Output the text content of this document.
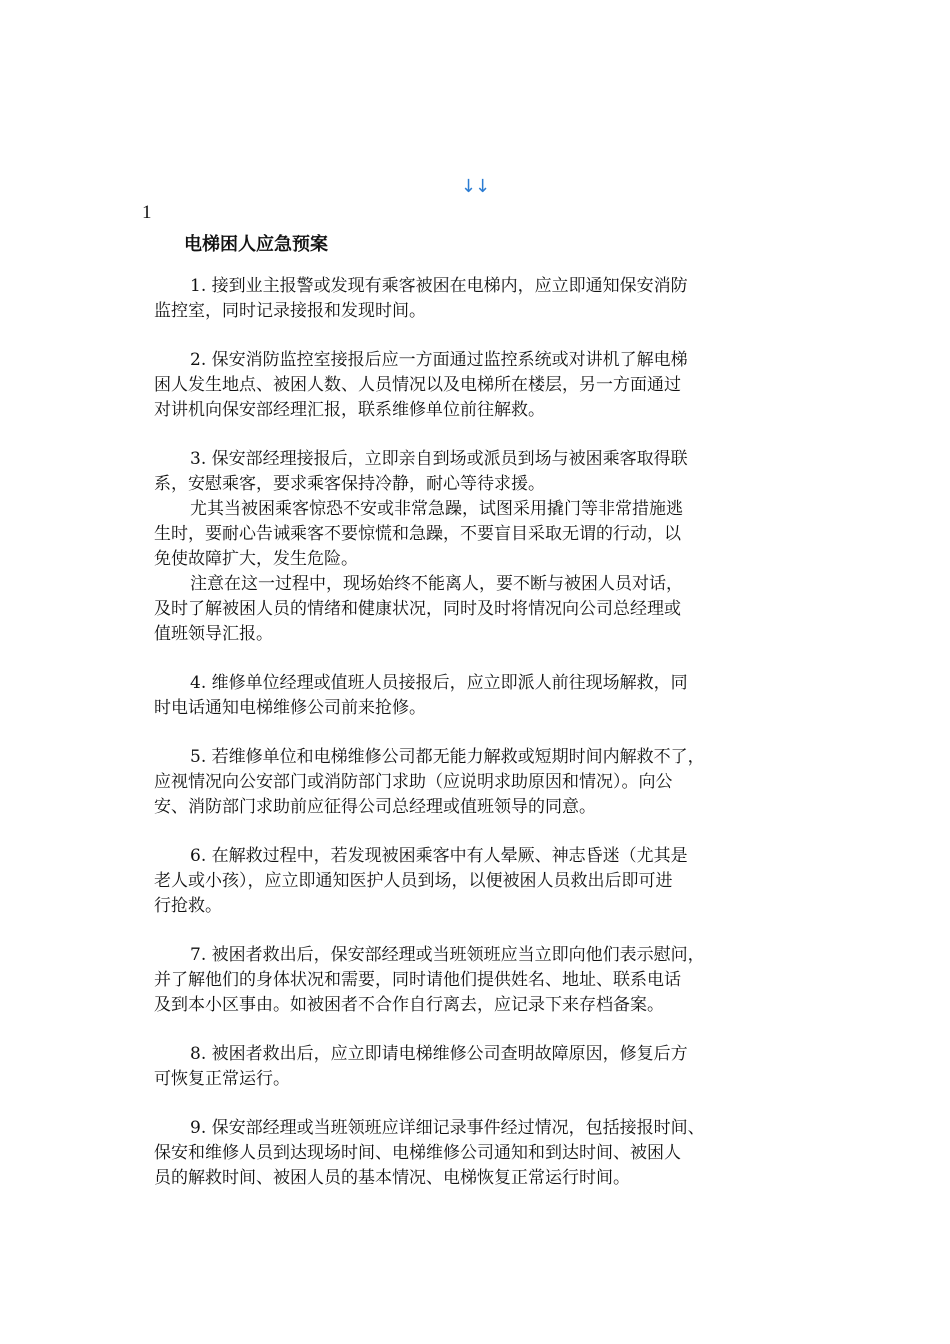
↓↓
1
电梯困人应急预案

1. 接到业主报警或发现有乘客被困在电梯内，应立即通知保安消防
监控室，同时记录接报和发现时间。

2. 保安消防监控室接报后应一方面通过监控系统或对讲机了解电梯
困人发生地点、被困人数、人员情况以及电梯所在楼层，另一方面通过
对讲机向保安部经理汇报，联系维修单位前往解救。

3. 保安部经理接报后，立即亲自到场或派员到场与被困乘客取得联
系，安慰乘客，要求乘客保持冷静，耐心等待求援。

尤其当被困乘客惊恐不安或非常急躁，试图采用撬门等非常措施逃
生时，要耐心告诫乘客不要惊慌和急躁，不要盲目采取无谓的行动，以
免使故障扩大，发生危险。

注意在这一过程中，现场始终不能离人，要不断与被困人员对话，
及时了解被困人员的情绪和健康状况，同时及时将情况向公司总经理或
值班领导汇报。

4. 维修单位经理或值班人员接报后，应立即派人前往现场解救，同
时电话通知电梯维修公司前来抢修。

5. 若维修单位和电梯维修公司都无能力解救或短期时间内解救不了，
应视情况向公安部门或消防部门求助（应说明求助原因和情况）。向公
安、消防部门求助前应征得公司总经理或值班领导的同意。

6. 在解救过程中，若发现被困乘客中有人晕厥、神志昏迷（尤其是
老人或小孩），应立即通知医护人员到场，以便被困人员救出后即可进
行抢救。

7. 被困者救出后，保安部经理或当班领班应当立即向他们表示慰问，
并了解他们的身体状况和需要，同时请他们提供姓名、地址、联系电话
及到本小区事由。如被困者不合作自行离去，应记录下来存档备案。

8. 被困者救出后，应立即请电梯维修公司查明故障原因，修复后方
可恢复正常运行。

9. 保安部经理或当班领班应详细记录事件经过情况，包括接报时间、
保安和维修人员到达现场时间、电梯维修公司通知和到达时间、被困人
员的解救时间、被困人员的基本情况、电梯恢复正常运行时间。
